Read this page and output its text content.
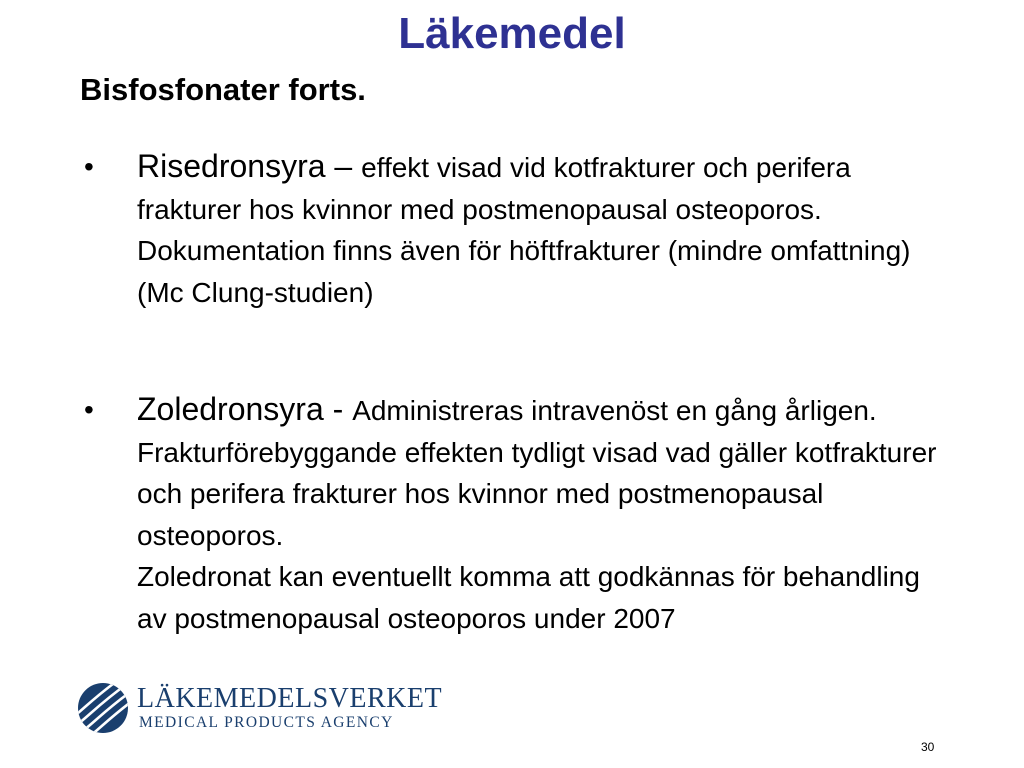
Läkemedel
Bisfosfonater forts.
• Risedronsyra – effekt visad vid kotfrakturer och perifera frakturer hos kvinnor med postmenopausal osteoporos.
Dokumentation finns även för höftfrakturer (mindre omfattning) (Mc Clung-studien)

• Zoledronsyra - Administreras intravenöst en gång årligen. Frakturförebyggande effekten tydligt visad vad gäller kotfrakturer och perifera frakturer hos kvinnor med postmenopausal osteoporos.
Zoledronat kan eventuellt komma att godkännas för behandling av postmenopausal osteoporos under 2007

LÄKEMEDELSVERKET
MEDICAL PRODUCTS AGENCY
30
